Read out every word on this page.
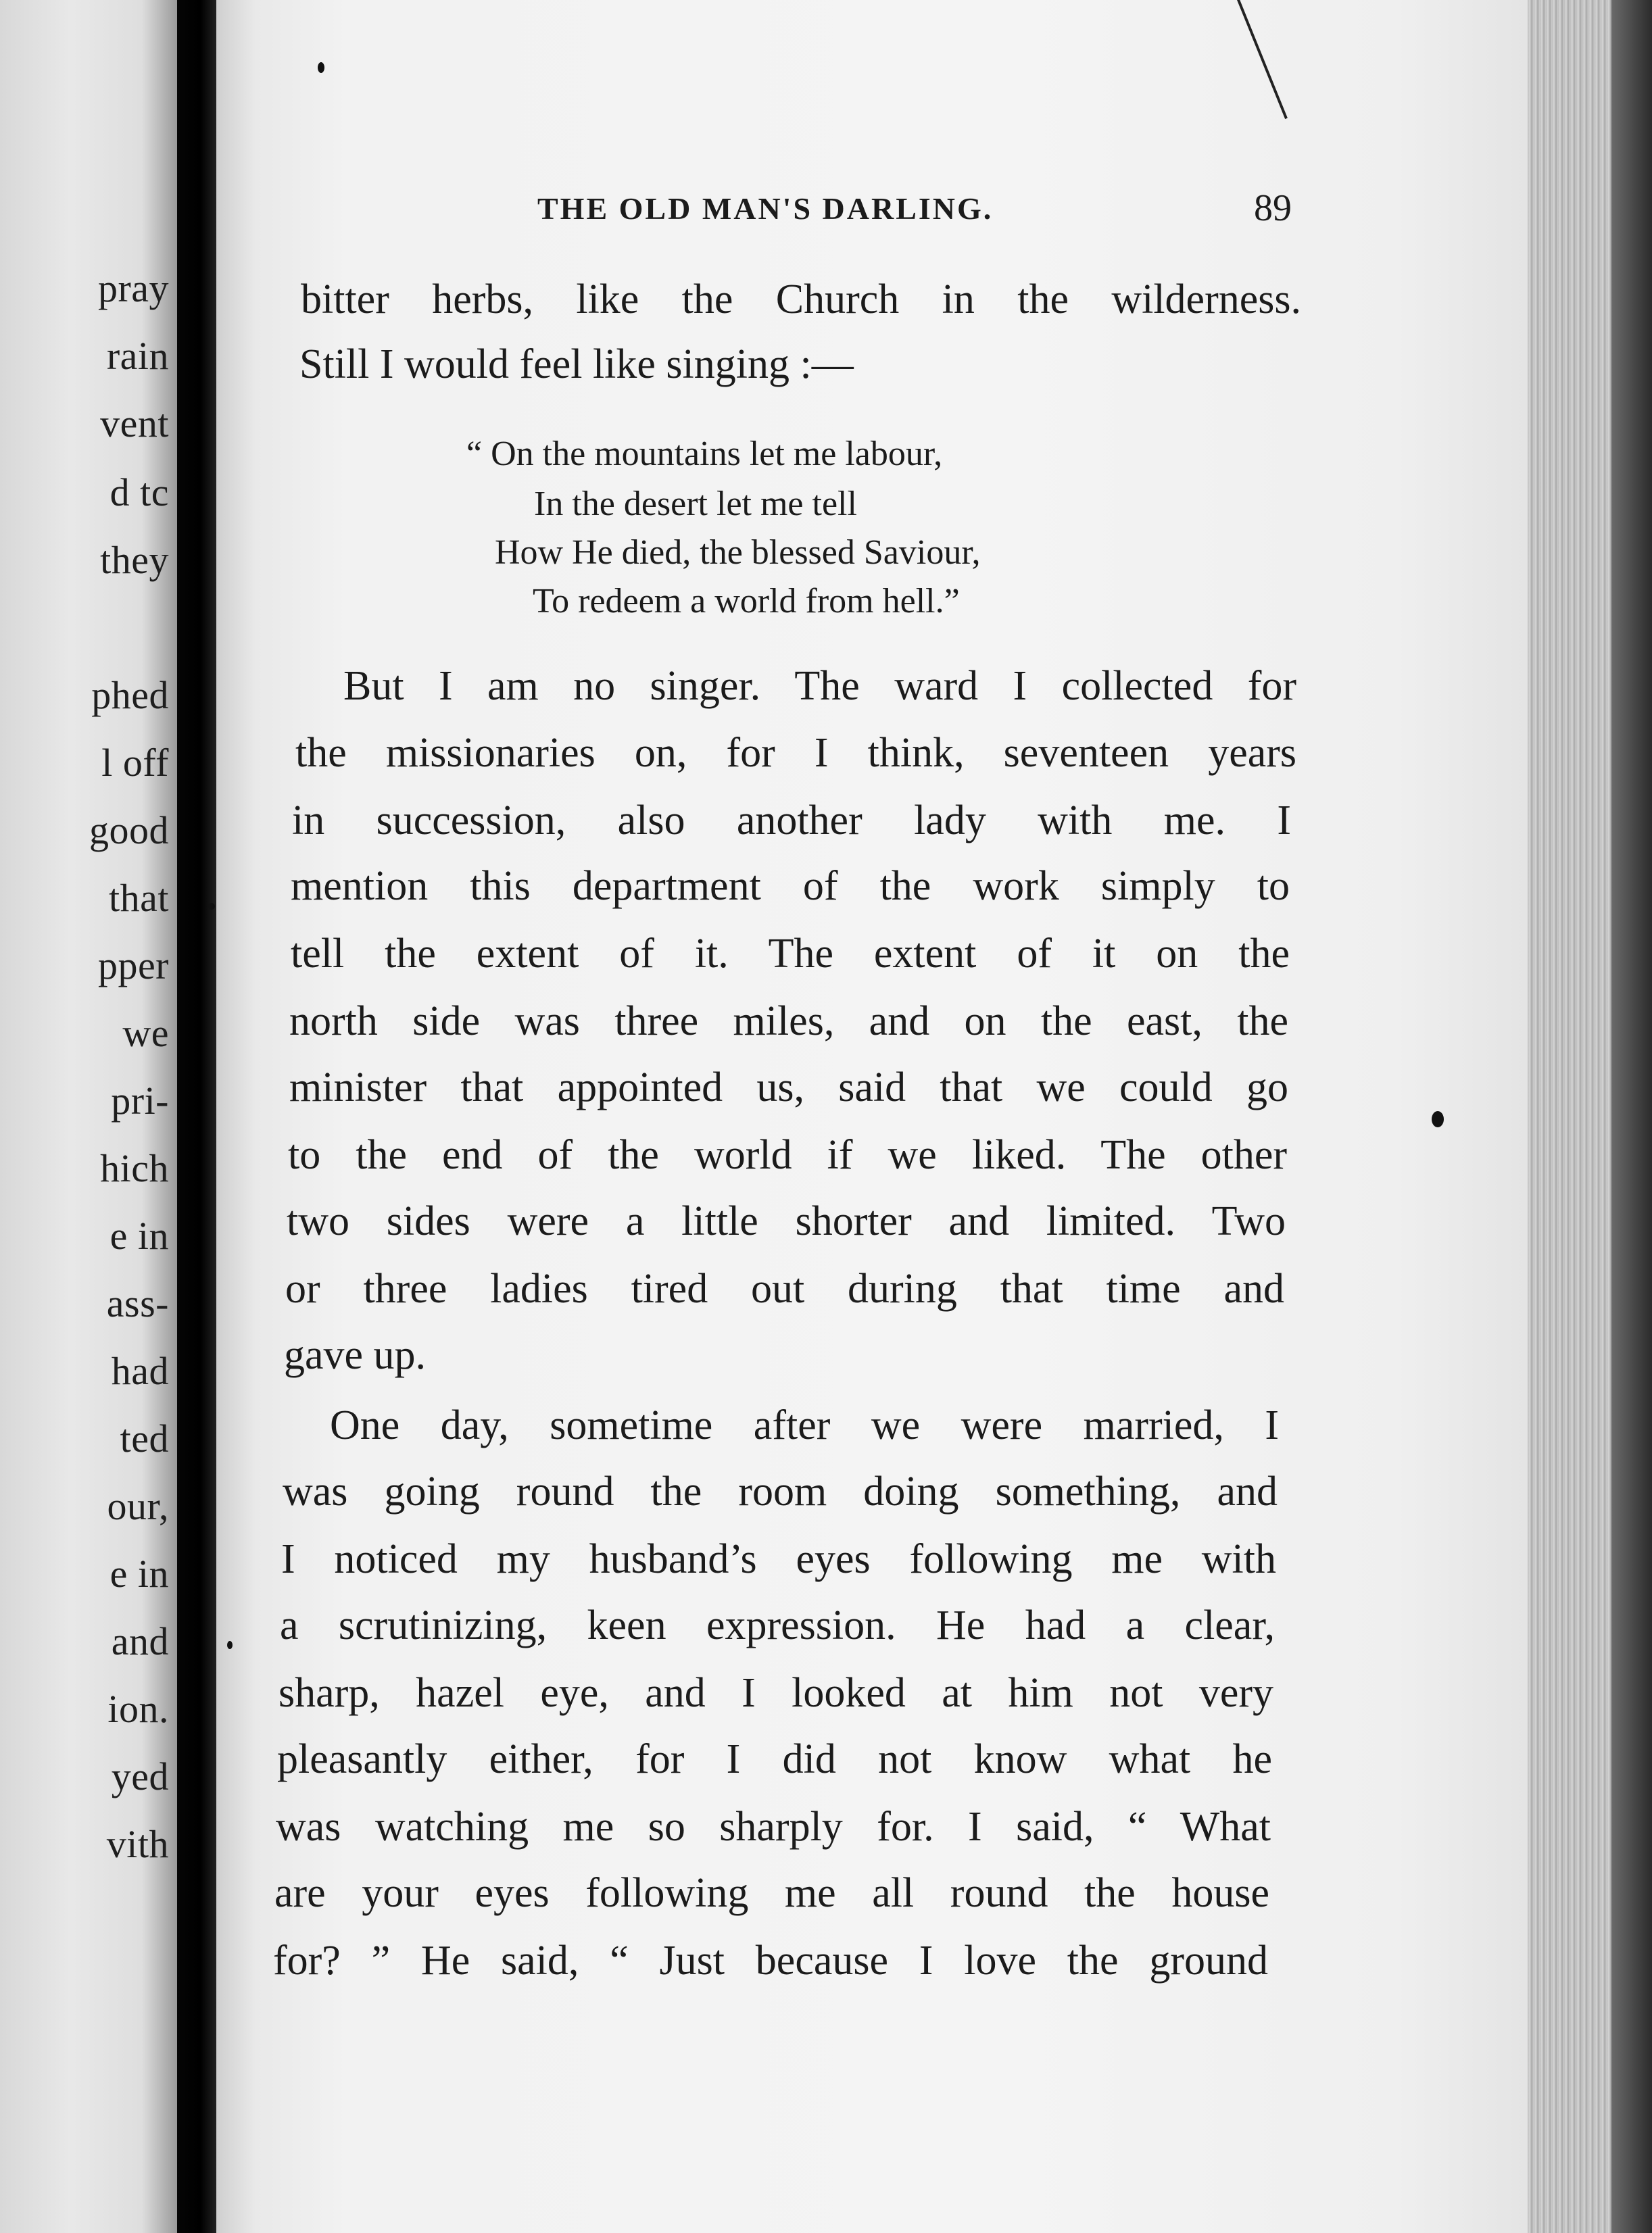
pray
rain
vent
d tc
they
phed
l off
good
that
pper
we
pri-
hich
e in
ass-
had
ted
our,
e in
and
ion.
yed
vith
THE OLD MAN'S DARLING.	89
bitter herbs, like the Church in the wilderness.
Still I would feel like singing :—
“ On the mountains let me labour,
In the desert let me tell
How He died, the blessed Saviour,
To redeem a world from hell.”
But I am no singer. The ward I collected for
the missionaries on, for I think, seventeen years
in succession, also another lady with me. I
mention this department of the work simply to
tell the extent of it. The extent of it on the
north side was three miles, and on the east, the
minister that appointed us, said that we could go
to the end of the world if we liked. The other
two sides were a little shorter and limited. Two
or three ladies tired out during that time and
gave up.
One day, sometime after we were married, I
was going round the room doing something, and
I noticed my husband’s eyes following me with
a scrutinizing, keen expression. He had a clear,
sharp, hazel eye, and I looked at him not very
pleasantly either, for I did not know what he
was watching me so sharply for. I said, “ What
are your eyes following me all round the house
for? ” He said, “ Just because I love the ground
